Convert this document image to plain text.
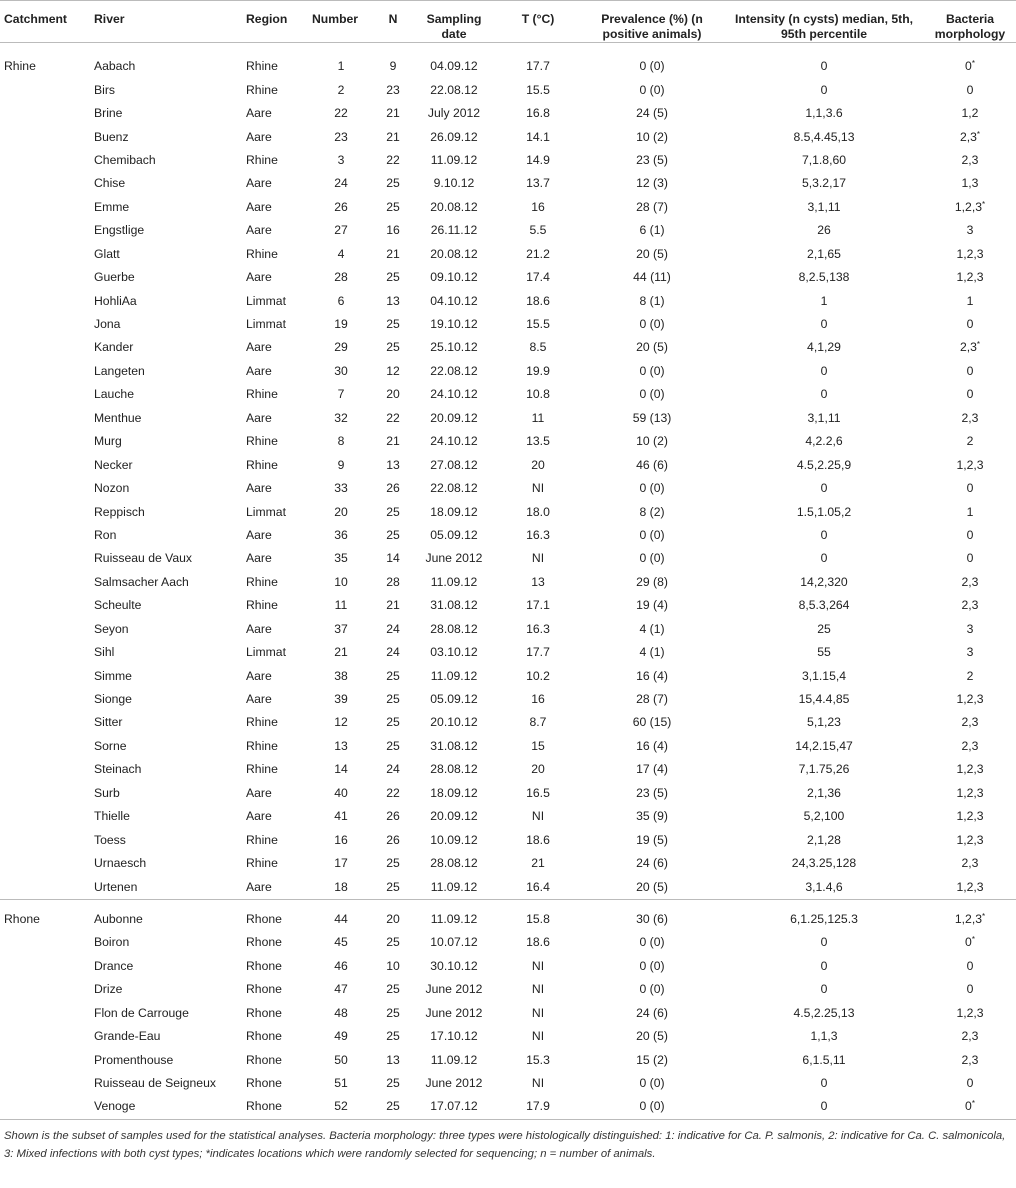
Catchment	River	Region	Number	N	Sampling date	T (°C)	Prevalence (%) (n positive animals)	Intensity (n cysts) median, 5th, 95th percentile	Bacteria morphology

Rhine	Aabach	Rhine	1	9	04.09.12	17.7	0 (0)	0	0*
	Birs	Rhine	2	23	22.08.12	15.5	0 (0)	0	0
	Brine	Aare	22	21	July 2012	16.8	24 (5)	1,1,3.6	1,2
	Buenz	Aare	23	21	26.09.12	14.1	10 (2)	8.5,4.45,13	2,3*
	Chemibach	Rhine	3	22	11.09.12	14.9	23 (5)	7,1.8,60	2,3
	Chise	Aare	24	25	9.10.12	13.7	12 (3)	5,3.2,17	1,3
	Emme	Aare	26	25	20.08.12	16	28 (7)	3,1,11	1,2,3*
	Engstlige	Aare	27	16	26.11.12	5.5	6 (1)	26	3
	Glatt	Rhine	4	21	20.08.12	21.2	20 (5)	2,1,65	1,2,3
	Guerbe	Aare	28	25	09.10.12	17.4	44 (11)	8,2.5,138	1,2,3
	HohliAa	Limmat	6	13	04.10.12	18.6	8 (1)	1	1
	Jona	Limmat	19	25	19.10.12	15.5	0 (0)	0	0
	Kander	Aare	29	25	25.10.12	8.5	20 (5)	4,1,29	2,3*
	Langeten	Aare	30	12	22.08.12	19.9	0 (0)	0	0
	Lauche	Rhine	7	20	24.10.12	10.8	0 (0)	0	0
	Menthue	Aare	32	22	20.09.12	11	59 (13)	3,1,11	2,3
	Murg	Rhine	8	21	24.10.12	13.5	10 (2)	4,2.2,6	2
	Necker	Rhine	9	13	27.08.12	20	46 (6)	4.5,2.25,9	1,2,3
	Nozon	Aare	33	26	22.08.12	NI	0 (0)	0	0
	Reppisch	Limmat	20	25	18.09.12	18.0	8 (2)	1.5,1.05,2	1
	Ron	Aare	36	25	05.09.12	16.3	0 (0)	0	0
	Ruisseau de Vaux	Aare	35	14	June 2012	NI	0 (0)	0	0
	Salmsacher Aach	Rhine	10	28	11.09.12	13	29 (8)	14,2,320	2,3
	Scheulte	Rhine	11	21	31.08.12	17.1	19 (4)	8,5.3,264	2,3
	Seyon	Aare	37	24	28.08.12	16.3	4 (1)	25	3
	Sihl	Limmat	21	24	03.10.12	17.7	4 (1)	55	3
	Simme	Aare	38	25	11.09.12	10.2	16 (4)	3,1.15,4	2
	Sionge	Aare	39	25	05.09.12	16	28 (7)	15,4.4,85	1,2,3
	Sitter	Rhine	12	25	20.10.12	8.7	60 (15)	5,1,23	2,3
	Sorne	Rhine	13	25	31.08.12	15	16 (4)	14,2.15,47	2,3
	Steinach	Rhine	14	24	28.08.12	20	17 (4)	7,1.75,26	1,2,3
	Surb	Aare	40	22	18.09.12	16.5	23 (5)	2,1,36	1,2,3
	Thielle	Aare	41	26	20.09.12	NI	35 (9)	5,2,100	1,2,3
	Toess	Rhine	16	26	10.09.12	18.6	19 (5)	2,1,28	1,2,3
	Urnaesch	Rhine	17	25	28.08.12	21	24 (6)	24,3.25,128	2,3
	Urtenen	Aare	18	25	11.09.12	16.4	20 (5)	3,1.4,6	1,2,3

Rhone	Aubonne	Rhone	44	20	11.09.12	15.8	30 (6)	6,1.25,125.3	1,2,3*
	Boiron	Rhone	45	25	10.07.12	18.6	0 (0)	0	0*
	Drance	Rhone	46	10	30.10.12	NI	0 (0)	0	0
	Drize	Rhone	47	25	June 2012	NI	0 (0)	0	0
	Flon de Carrouge	Rhone	48	25	June 2012	NI	24 (6)	4.5,2.25,13	1,2,3
	Grande-Eau	Rhone	49	25	17.10.12	NI	20 (5)	1,1,3	2,3
	Promenthouse	Rhone	50	13	11.09.12	15.3	15 (2)	6,1.5,11	2,3
	Ruisseau de Seigneux	Rhone	51	25	June 2012	NI	0 (0)	0	0
	Venoge	Rhone	52	25	17.07.12	17.9	0 (0)	0	0*
Shown is the subset of samples used for the statistical analyses. Bacteria morphology: three types were histologically distinguished: 1: indicative for Ca. P. salmonis, 2: indicative for Ca. C. salmonicola, 3: Mixed infections with both cyst types; *indicates locations which were randomly selected for sequencing; n = number of animals.
